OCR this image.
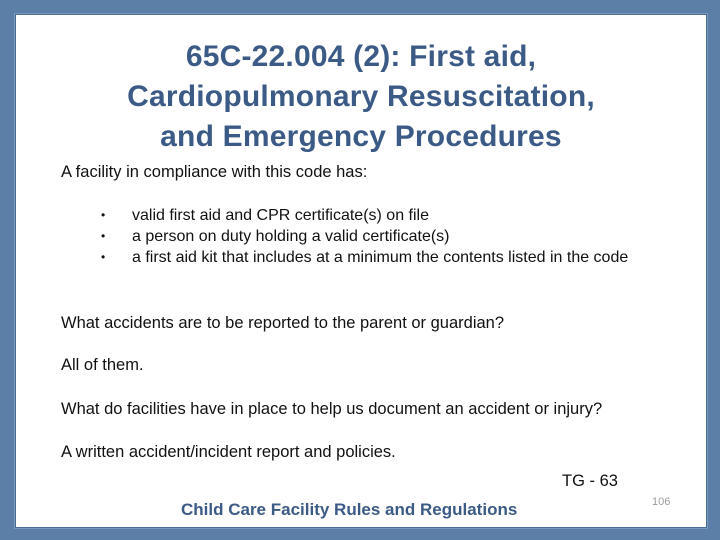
65C-22.004 (2): First aid,
Cardiopulmonary Resuscitation,
and Emergency Procedures
A facility in compliance with this code has:
• valid first aid and CPR certificate(s) on file
• a person on duty holding a valid certificate(s)
• a first aid kit that includes at a minimum the contents listed in the code
What accidents are to be reported to the parent or guardian?
All of them.
What do facilities have in place to help us document an accident or injury?
A written accident/incident report and policies.
TG - 63
Child Care Facility Rules and Regulations	106
